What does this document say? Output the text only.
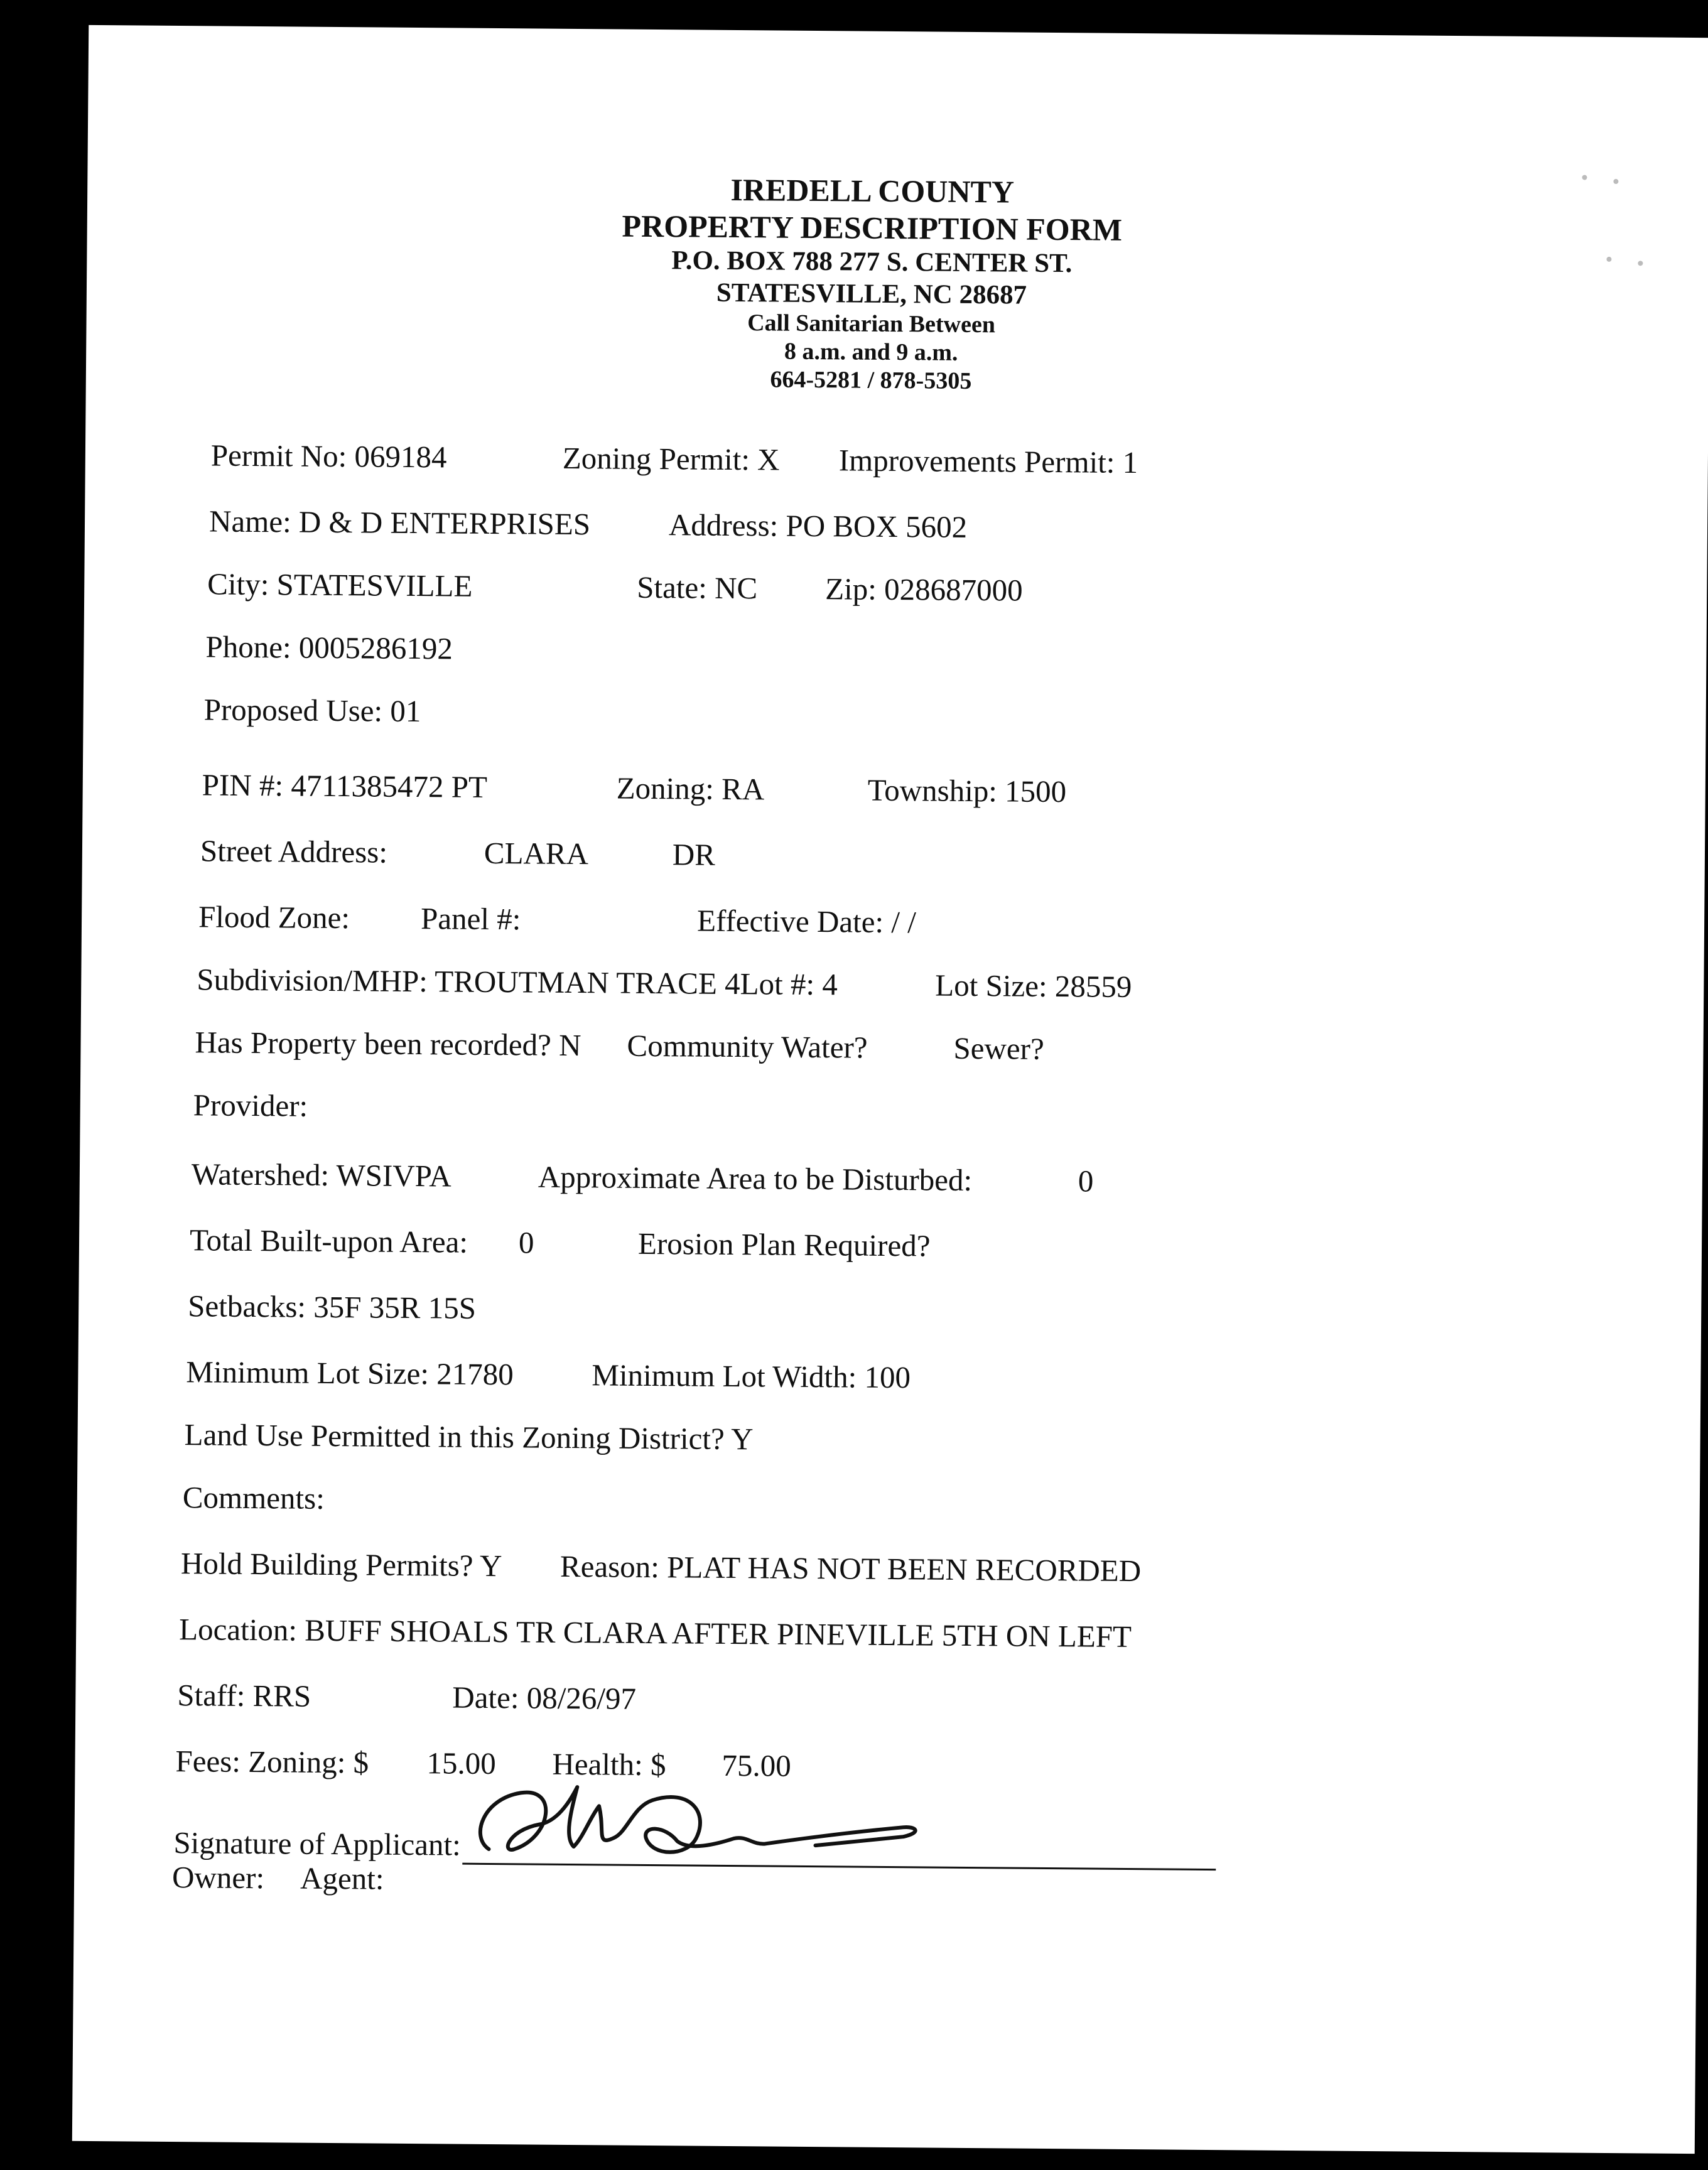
IREDELL COUNTY
PROPERTY DESCRIPTION FORM
P.O. BOX 788 277 S. CENTER ST.
STATESVILLE, NC 28687
Call Sanitarian Between
8 a.m. and 9 a.m.
664-5281 / 878-5305
Permit No: 069184	Zoning Permit: X Improvements Permit: 1
Name: D & D ENTERPRISES	Address: PO BOX 5602
City: STATESVILLE	State: NC Zip: 028687000
Phone: 0005286192
Proposed Use: 01
PIN #: 4711385472 PT	Zoning: RA	Township: 1500
Street Address:	CLARA	DR
Flood Zone: Panel #:	Effective Date: / /
Subdivision/MHP: TROUTMAN TRACE 4Lot #: 4	Lot Size: 28559
Has Property been recorded? N Community Water?	Sewer?
Provider:
Watershed: WSIVPA	Approximate Area to be Disturbed:	0
Total Built-upon Area: 0	Erosion Plan Required?
Setbacks: 35F 35R 15S
Minimum Lot Size: 21780	Minimum Lot Width: 100
Land Use Permitted in this Zoning District? Y
Comments:
Hold Building Permits? Y Reason: PLAT HAS NOT BEEN RECORDED
Location: BUFF SHOALS TR CLARA AFTER PINEVILLE 5TH ON LEFT
Staff: RRS	Date: 08/26/97
Fees: Zoning: $ 15.00 Health: $ 75.00
Signature of Applicant:
Owner: Agent:
